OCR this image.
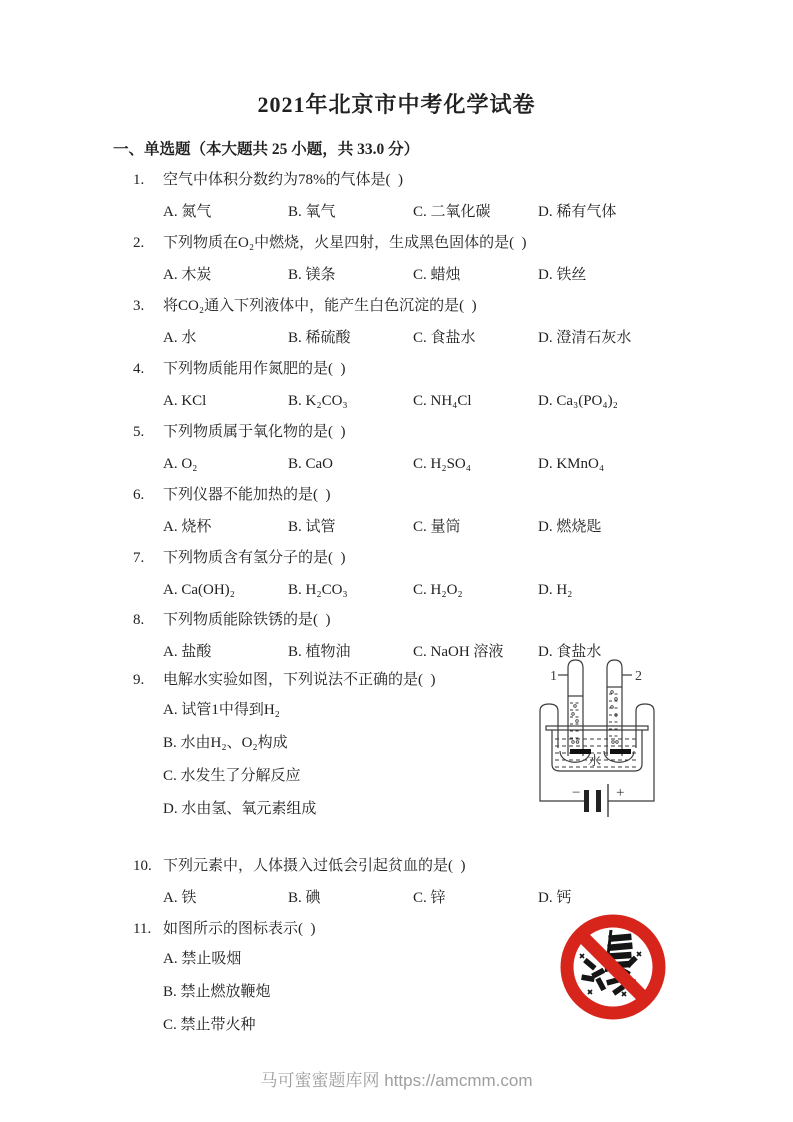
2021年北京市中考化学试卷
一、单选题（本大题共 25 小题，共 33.0 分）
1.	空气中体积分数约为78%的气体是(  )
A. 氮气	B. 氧气	C. 二氧化碳	D. 稀有气体
2.	下列物质在O₂中燃烧，火星四射，生成黑色固体的是(  )
A. 木炭	B. 镁条	C. 蜡烛	D. 铁丝
3.	将CO₂通入下列液体中，能产生白色沉淀的是(  )
A. 水	B. 稀硫酸	C. 食盐水	D. 澄清石灰水
4.	下列物质能用作氮肥的是(  )
A. KCl	B. K₂CO₃	C. NH₄Cl	D. Ca₃(PO₄)₂
5.	下列物质属于氧化物的是(  )
A. O₂	B. CaO	C. H₂SO₄	D. KMnO₄
6.	下列仪器不能加热的是(  )
A. 烧杯	B. 试管	C. 量筒	D. 燃烧匙
7.	下列物质含有氢分子的是(  )
A. Ca(OH)₂	B. H₂CO₃	C. H₂O₂	D. H₂
8.	下列物质能除铁锈的是(  )
A. 盐酸	B. 植物油	C. NaOH 溶液	D. 食盐水
9.	电解水实验如图，下列说法不正确的是(  )
A. 试管1中得到H₂
B. 水由H₂、O₂构成
C. 水发生了分解反应
D. 水由氢、氧元素组成
1	2
水
− +
10. 下列元素中，人体摄入过低会引起贫血的是(  )
A. 铁	B. 碘	C. 锌	D. 钙
11. 如图所示的图标表示(  )
A. 禁止吸烟
B. 禁止燃放鞭炮
C. 禁止带火种
马可蜜蜜题库网 https://amcmm.com
